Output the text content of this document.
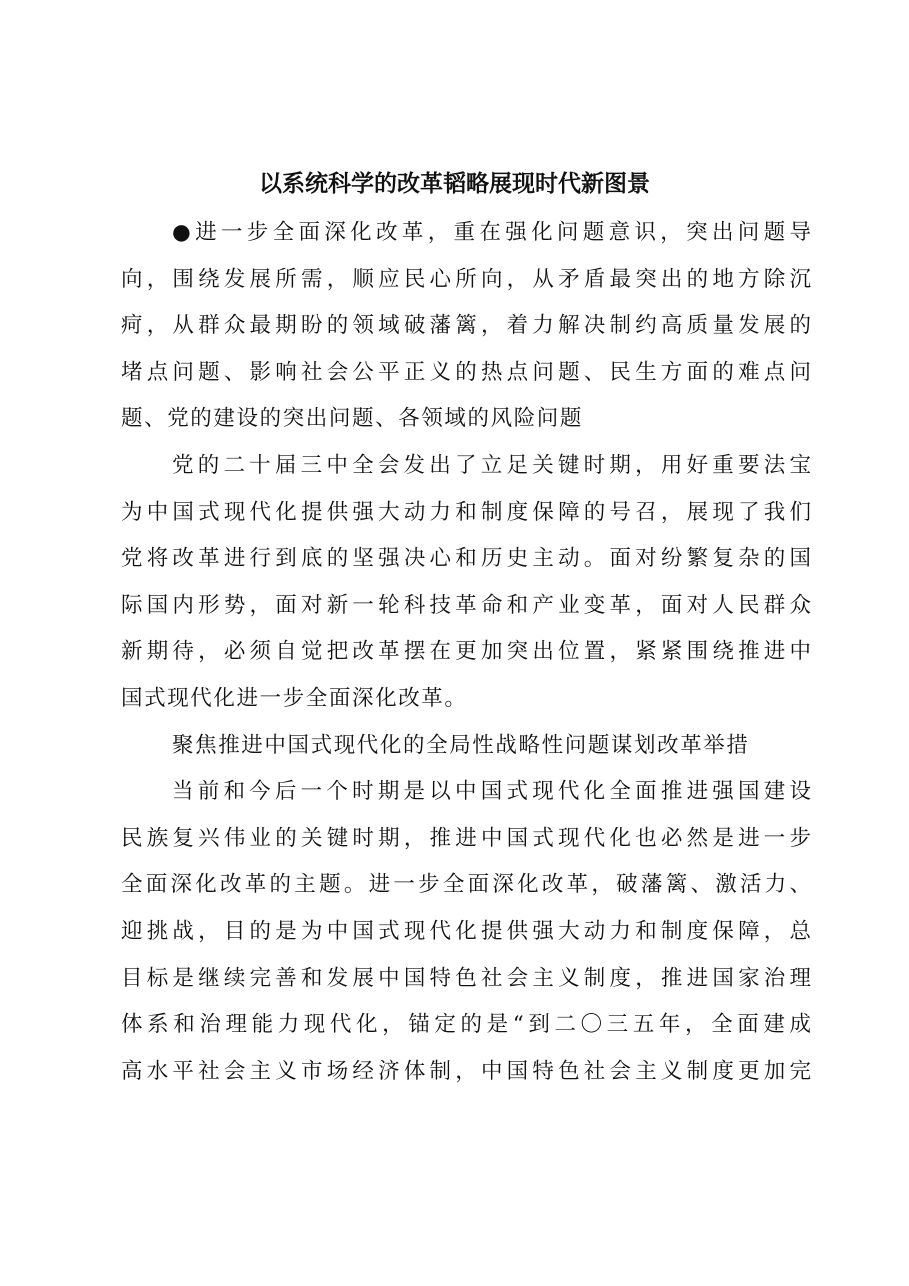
以系统科学的改革韬略展现时代新图景
●进一步全面深化改革，重在强化问题意识，突出问题导
向，围绕发展所需，顺应民心所向，从矛盾最突出的地方除沉
疴，从群众最期盼的领域破藩篱，着力解决制约高质量发展的
堵点问题、影响社会公平正义的热点问题、民生方面的难点问
题、党的建设的突出问题、各领域的风险问题
党的二十届三中全会发出了立足关键时期，用好重要法宝
为中国式现代化提供强大动力和制度保障的号召，展现了我们
党将改革进行到底的坚强决心和历史主动。面对纷繁复杂的国
际国内形势，面对新一轮科技革命和产业变革，面对人民群众
新期待，必须自觉把改革摆在更加突出位置，紧紧围绕推进中
国式现代化进一步全面深化改革。
聚焦推进中国式现代化的全局性战略性问题谋划改革举措
当前和今后一个时期是以中国式现代化全面推进强国建设
民族复兴伟业的关键时期，推进中国式现代化也必然是进一步
全面深化改革的主题。进一步全面深化改革，破藩篱、激活力、
迎挑战，目的是为中国式现代化提供强大动力和制度保障，总
目标是继续完善和发展中国特色社会主义制度，推进国家治理
体系和治理能力现代化，锚定的是“到二〇三五年，全面建成
高水平社会主义市场经济体制，中国特色社会主义制度更加完
